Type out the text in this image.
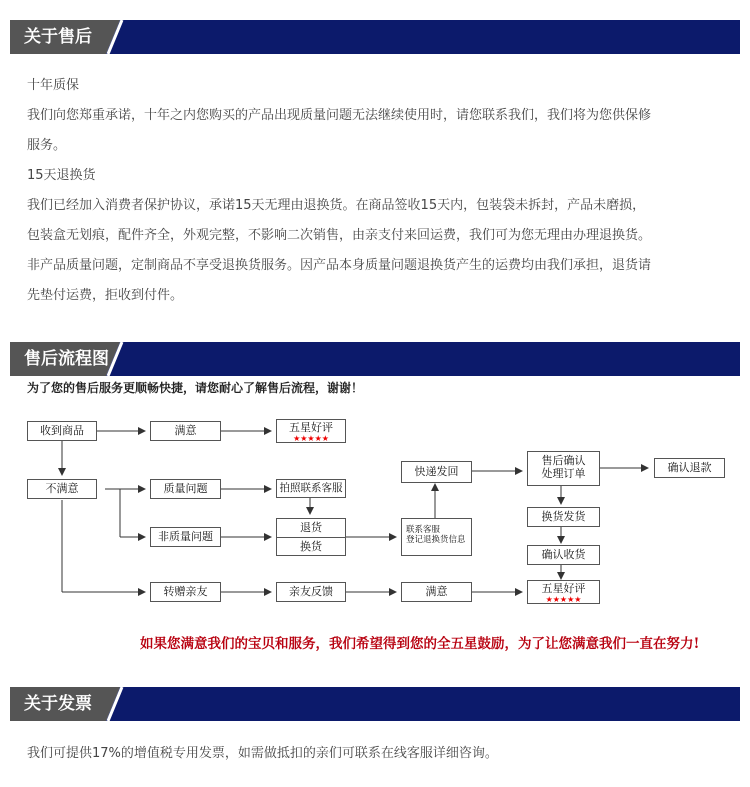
关于售后
十年质保
我们向您郑重承诺，十年之内您购买的产品出现质量问题无法继续使用时，请您联系我们，我们将为您供保修
服务。
15天退换货
我们已经加入消费者保护协议，承诺15天无理由退换货。在商品签收15天内，包装袋未拆封，产品未磨损，
包装盒无划痕，配件齐全，外观完整，不影响二次销售，由亲支付来回运费，我们可为您无理由办理退换货。
非产品质量问题，定制商品不享受退换货服务。因产品本身质量问题退换货产生的运费均由我们承担，退货请
先垫付运费，拒收到付件。
售后流程图
为了您的售后服务更顺畅快捷，请您耐心了解售后流程，谢谢！
收到商品	满意	五星好评
★★★★★
不满意	质量问题	拍照联系客服
非质量问题
退货
换货
联系客服
登记退换货信息
快递发回
售后确认
处理订单	确认退款
换货发货
确认收货
转赠亲友	亲友反馈	满意	五星好评
★★★★★
如果您满意我们的宝贝和服务，我们希望得到您的全五星鼓励，为了让您满意我们一直在努力!
关于发票
我们可提供17%的增值税专用发票，如需做抵扣的亲们可联系在线客服详细咨询。
